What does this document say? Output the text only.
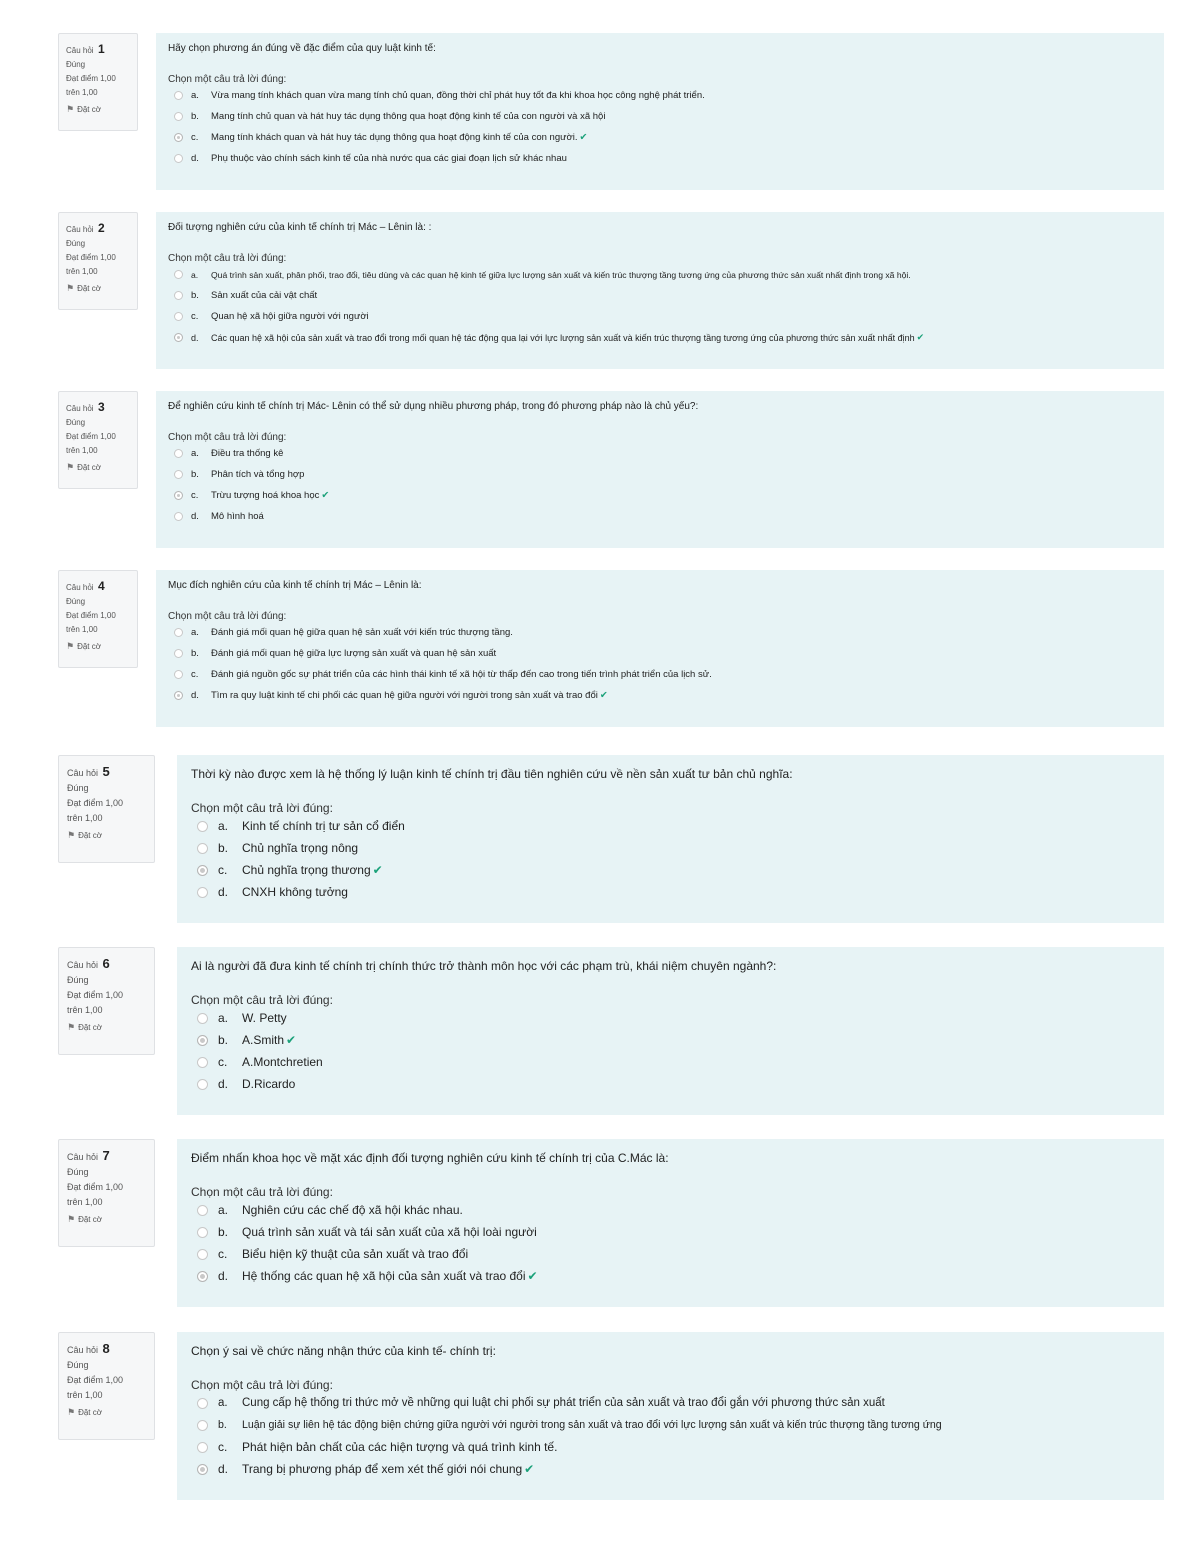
Câu hỏi 1
Đúng
Đạt điểm 1,00
trên 1,00
⚑ Đặt cờ

Hãy chọn phương án đúng về đặc điểm của quy luật kinh tế:

Chọn một câu trả lời đúng:

a.	Vừa mang tính khách quan vừa mang tính chủ quan, đồng thời chỉ phát huy tốt đa khi khoa học công nghệ phát triển.
b.	Mang tính chủ quan và hát huy tác dụng thông qua hoạt động kinh tế của con người và xã hội
c.	Mang tính khách quan và hát huy tác dụng thông qua hoạt động kinh tế của con người. ✔
d.	Phụ thuộc vào chính sách kinh tế của nhà nước qua các giai đoạn lịch sử khác nhau
Câu hỏi 2
Đúng
Đạt điểm 1,00
trên 1,00
⚑ Đặt cờ

Đối tượng nghiên cứu của kinh tế chính trị Mác – Lênin là: :

Chọn một câu trả lời đúng:

a.	Quá trình sản xuất, phân phối, trao đổi, tiêu dùng và các quan hệ kinh tế giữa lực lượng sản xuất và kiến trúc thượng tầng tương ứng của phương thức sản xuất nhất định trong xã hội.
b.	Sản xuất của cải vật chất
c.	Quan hệ xã hội giữa người với người
d.	Các quan hệ xã hội của sản xuất và trao đổi trong mối quan hệ tác động qua lại với lực lượng sản xuất và kiến trúc thượng tầng tương ứng của phương thức sản xuất nhất định ✔
Câu hỏi 3
Đúng
Đạt điểm 1,00
trên 1,00
⚑ Đặt cờ

Để nghiên cứu kinh tế chính trị Mác- Lênin có thể sử dụng nhiều phương pháp, trong đó phương pháp nào là chủ yếu?:

Chọn một câu trả lời đúng:

a.	Điều tra thống kê
b.	Phân tích và tổng hợp
c.	Trừu tượng hoá khoa học ✔
d.	Mô hình hoá
Câu hỏi 4
Đúng
Đạt điểm 1,00
trên 1,00
⚑ Đặt cờ

Mục đích nghiên cứu của kinh tế chính trị Mác – Lênin là:

Chọn một câu trả lời đúng:

a.	Đánh giá mối quan hệ giữa quan hệ sản xuất với kiến trúc thượng tầng.
b.	Đánh giá mối quan hệ giữa lực lượng sản xuất và quan hệ sản xuất
c.	Đánh giá nguồn gốc sự phát triển của các hình thái kinh tế xã hội từ thấp đến cao trong tiến trình phát triển của lịch sử.
d.	Tìm ra quy luật kinh tế chi phối các quan hệ giữa người với người trong sản xuất và trao đổi ✔
Câu hỏi 5
Đúng
Đạt điểm 1,00
trên 1,00
⚑ Đặt cờ

Thời kỳ nào được xem là hệ thống lý luận kinh tế chính trị đầu tiên nghiên cứu về nền sản xuất tư bản chủ nghĩa:

Chọn một câu trả lời đúng:

a.	Kinh tế chính trị tư sản cổ điển
b.	Chủ nghĩa trọng nông
c.	Chủ nghĩa trọng thương ✔
d.	CNXH không tưởng
Câu hỏi 6
Đúng
Đạt điểm 1,00
trên 1,00
⚑ Đặt cờ

Ai là người đã đưa kinh tế chính trị chính thức trở thành môn học với các phạm trù, khái niệm chuyên ngành?:

Chọn một câu trả lời đúng:

a.	W. Petty
b.	A.Smith ✔
c.	A.Montchretien
d.	D.Ricardo
Câu hỏi 7
Đúng
Đạt điểm 1,00
trên 1,00
⚑ Đặt cờ

Điểm nhấn khoa học về mặt xác định đối tượng nghiên cứu kinh tế chính trị của C.Mác là:

Chọn một câu trả lời đúng:

a.	Nghiên cứu các chế độ xã hội khác nhau.
b.	Quá trình sản xuất và tái sản xuất của xã hội loài người
c.	Biểu hiện kỹ thuật của sản xuất và trao đổi
d.	Hệ thống các quan hệ xã hội của sản xuất và trao đổi ✔
Câu hỏi 8
Đúng
Đạt điểm 1,00
trên 1,00
⚑ Đặt cờ

Chọn ý sai về chức năng nhận thức của kinh tế- chính trị:

Chọn một câu trả lời đúng:

a.	Cung cấp hệ thống tri thức mở về những qui luật chi phối sự phát triển của sản xuất và trao đổi gắn với phương thức sản xuất
b.	Luận giải sự liên hệ tác động biện chứng giữa người với người trong sản xuất và trao đổi với lực lượng sản xuất và kiến trúc thượng tầng tương ứng
c.	Phát hiện bản chất của các hiện tượng và quá trình kinh tế.
d.	Trang bị phương pháp để xem xét thế giới nói chung ✔
